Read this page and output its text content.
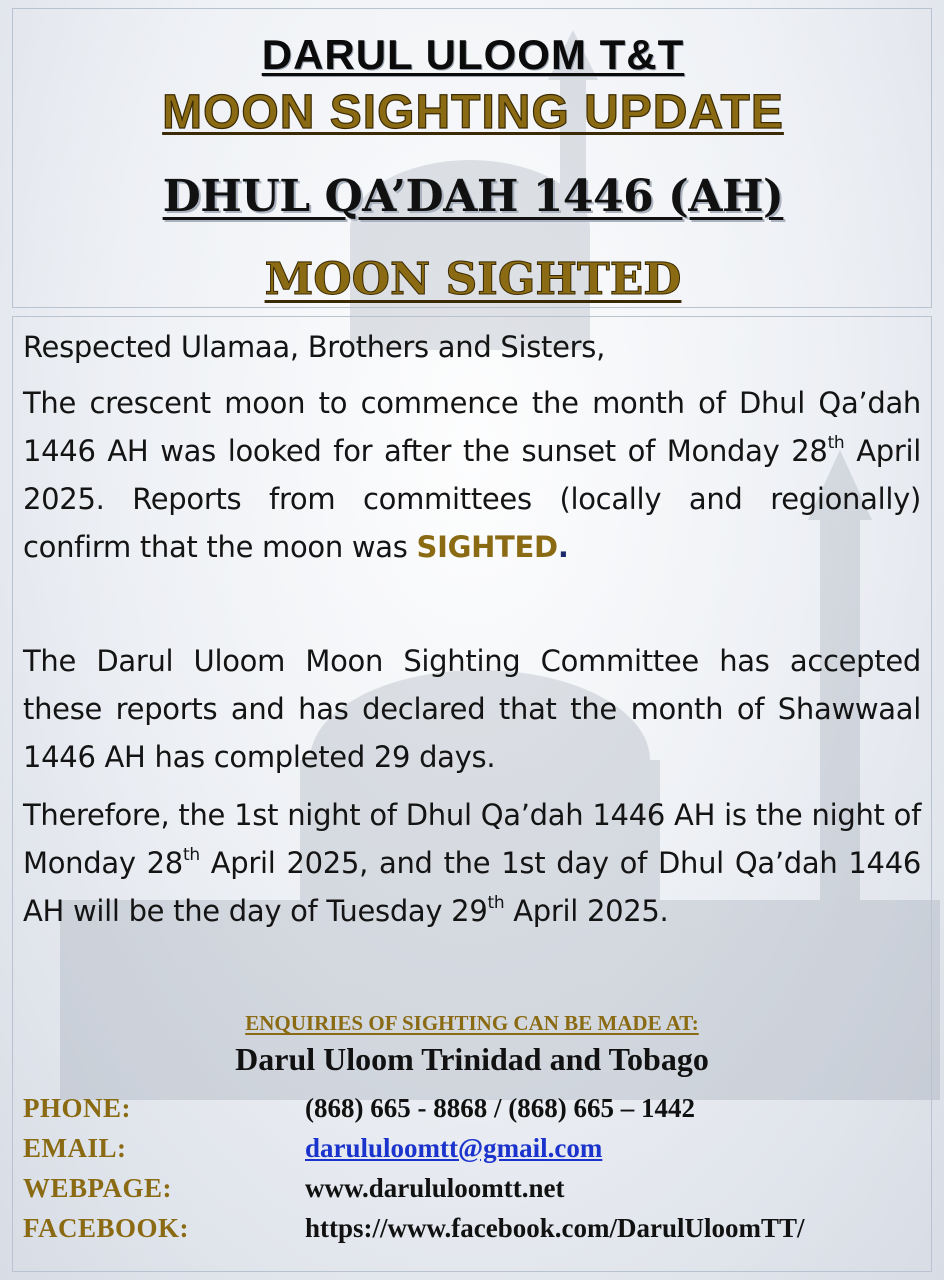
DARUL ULOOM T&T
MOON SIGHTING UPDATE
DHUL QA’DAH 1446 (AH)
MOON SIGHTED
Respected Ulamaa, Brothers and Sisters,
The crescent moon to commence the month of Dhul Qa’dah 1446 AH was looked for after the sunset of Monday 28th April 2025. Reports from committees (locally and regionally) confirm that the moon was SIGHTED.
The Darul Uloom Moon Sighting Committee has accepted these reports and has declared that the month of Shawwaal 1446 AH has completed 29 days.
Therefore, the 1st night of Dhul Qa’dah 1446 AH is the night of Monday 28th April 2025, and the 1st day of Dhul Qa’dah 1446 AH will be the day of Tuesday 29th April 2025.
ENQUIRIES OF SIGHTING CAN BE MADE AT:
Darul Uloom Trinidad and Tobago
PHONE:	(868) 665 - 8868 / (868) 665 – 1442
EMAIL:	darululoomtt@gmail.com
WEBPAGE:	www.darululoomtt.net
FACEBOOK:	https://www.facebook.com/DarulUloomTT/
